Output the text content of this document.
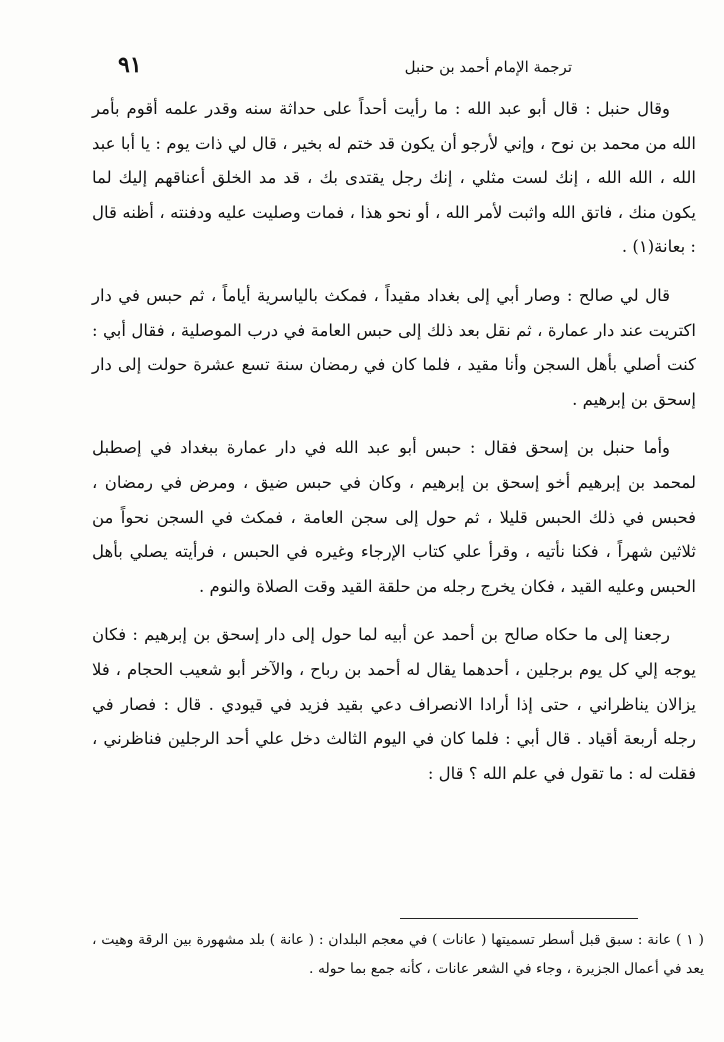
٩١	ترجمة الإمام أحمد بن حنبل

وقال حنبل : قال أبو عبد الله : ما رأيت أحداً على حداثة سنه وقدر علمه أقوم بأمر الله من محمد بن نوح ، وإني لأرجو أن يكون قد ختم له بخير ، قال لي ذات يوم : يا أبا عبد الله ، الله الله ، إنك لست مثلي ، إنك رجل يقتدى بك ، قد مد الخلق أعناقهم إليك لما يكون منك ، فاتق الله واثبت لأمر الله ، أو نحو هذا ، فمات وصليت عليه ودفنته ، أظنه قال : بعانة(١) .

قال لي صالح : وصار أبي إلى بغداد مقيداً ، فمكث بالياسرية أياماً ، ثم حبس في دار اكتريت عند دار عمارة ، ثم نقل بعد ذلك إلى حبس العامة في درب الموصلية ، فقال أبي : كنت أصلي بأهل السجن وأنا مقيد ، فلما كان في رمضان سنة تسع عشرة حولت إلى دار إسحق بن إبرهيم .

وأما حنبل بن إسحق فقال : حبس أبو عبد الله في دار عمارة ببغداد في إصطبل لمحمد بن إبرهيم أخو إسحق بن إبرهيم ، وكان في حبس ضيق ، ومرض في رمضان ، فحبس في ذلك الحبس قليلا ، ثم حول إلى سجن العامة ، فمكث في السجن نحواً من ثلاثين شهراً ، فكنا نأتيه ، وقرأ علي كتاب الإرجاء وغيره في الحبس ، فرأيته يصلي بأهل الحبس وعليه القيد ، فكان يخرج رجله من حلقة القيد وقت الصلاة والنوم .

رجعنا إلى ما حكاه صالح بن أحمد عن أبيه لما حول إلى دار إسحق بن إبرهيم : فكان يوجه إلي كل يوم برجلين ، أحدهما يقال له أحمد بن رباح ، والآخر أبو شعيب الحجام ، فلا يزالان يناظراني ، حتى إذا أرادا الانصراف دعي بقيد فزيد في قيودي . قال : فصار في رجله أربعة أقياد . قال أبي : فلما كان في اليوم الثالث دخل علي أحد الرجلين فناظرني ، فقلت له : ما تقول في علم الله ؟ قال :

( ١ ) عانة : سبق قبل أسطر تسميتها ( عانات ) في معجم البلدان : ( عانة ) بلد مشهورة بين الرقة وهيت ، يعد في أعمال الجزيرة ، وجاء في الشعر عانات ، كأنه جمع بما حوله .
